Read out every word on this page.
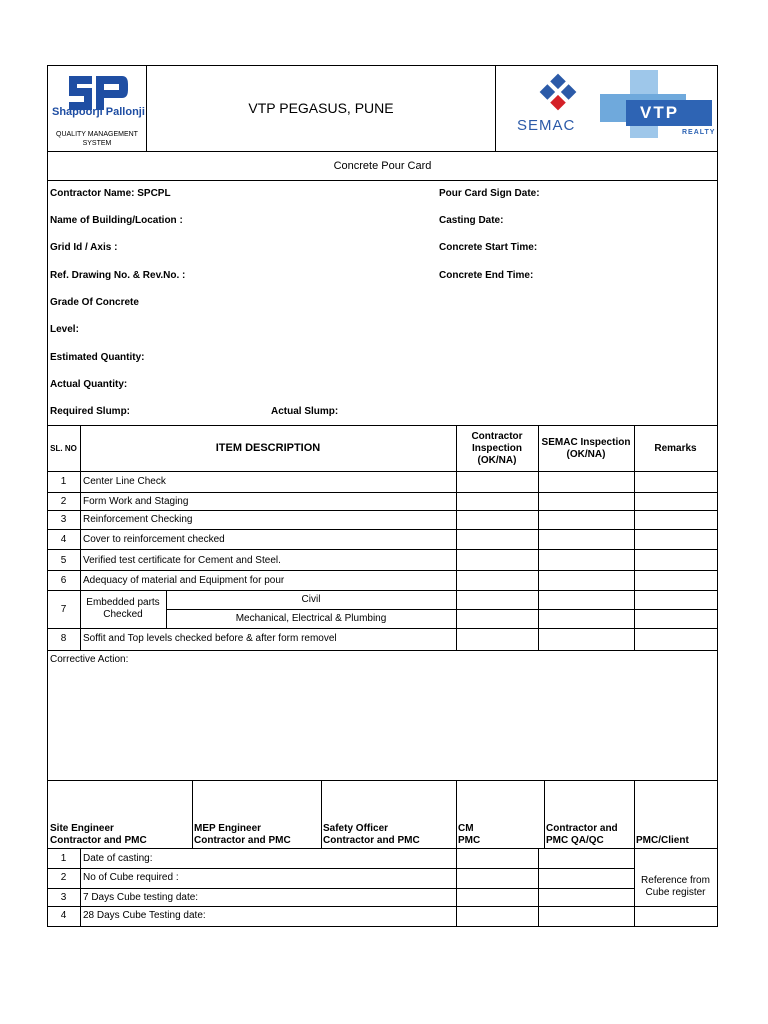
Shapoorji Pallonji
QUALITY MANAGEMENT
SYSTEM
VTP PEGASUS, PUNE
SEMAC
VTP
REALTY
Concrete Pour Card
Contractor Name: SPCPL
Name of Building/Location :
Grid Id / Axis :
Ref. Drawing No. & Rev.No. :
Grade Of Concrete
Level:
Estimated Quantity:
Actual Quantity:
Required Slump:	Actual Slump:
Pour Card Sign Date:
Casting Date:
Concrete Start Time:
Concrete End Time:
SL. NO	ITEM DESCRIPTION
Contractor
Inspection
(OK/NA)
SEMAC Inspection
(OK/NA)
Remarks
1	Center Line Check
2	Form Work and Staging
3	Reinforcement Checking
4	Cover to reinforcement checked
5	Verified test certificate for Cement and Steel.
6	Adequacy of material and Equipment for pour
7
Embedded parts
Checked
Civil
Mechanical, Electrical & Plumbing
8	Soffit and Top levels checked before & after form removel
Corrective Action:
Site Engineer
Contractor and PMC
MEP Engineer
Contractor and PMC
Safety Officer
Contractor and PMC
CM
PMC
Contractor and
PMC QA/QC	PMC/Client
1	Date of casting:
2	No of Cube required :
3	7 Days Cube testing date:
4	28 Days Cube Testing date:
Reference from
Cube register
